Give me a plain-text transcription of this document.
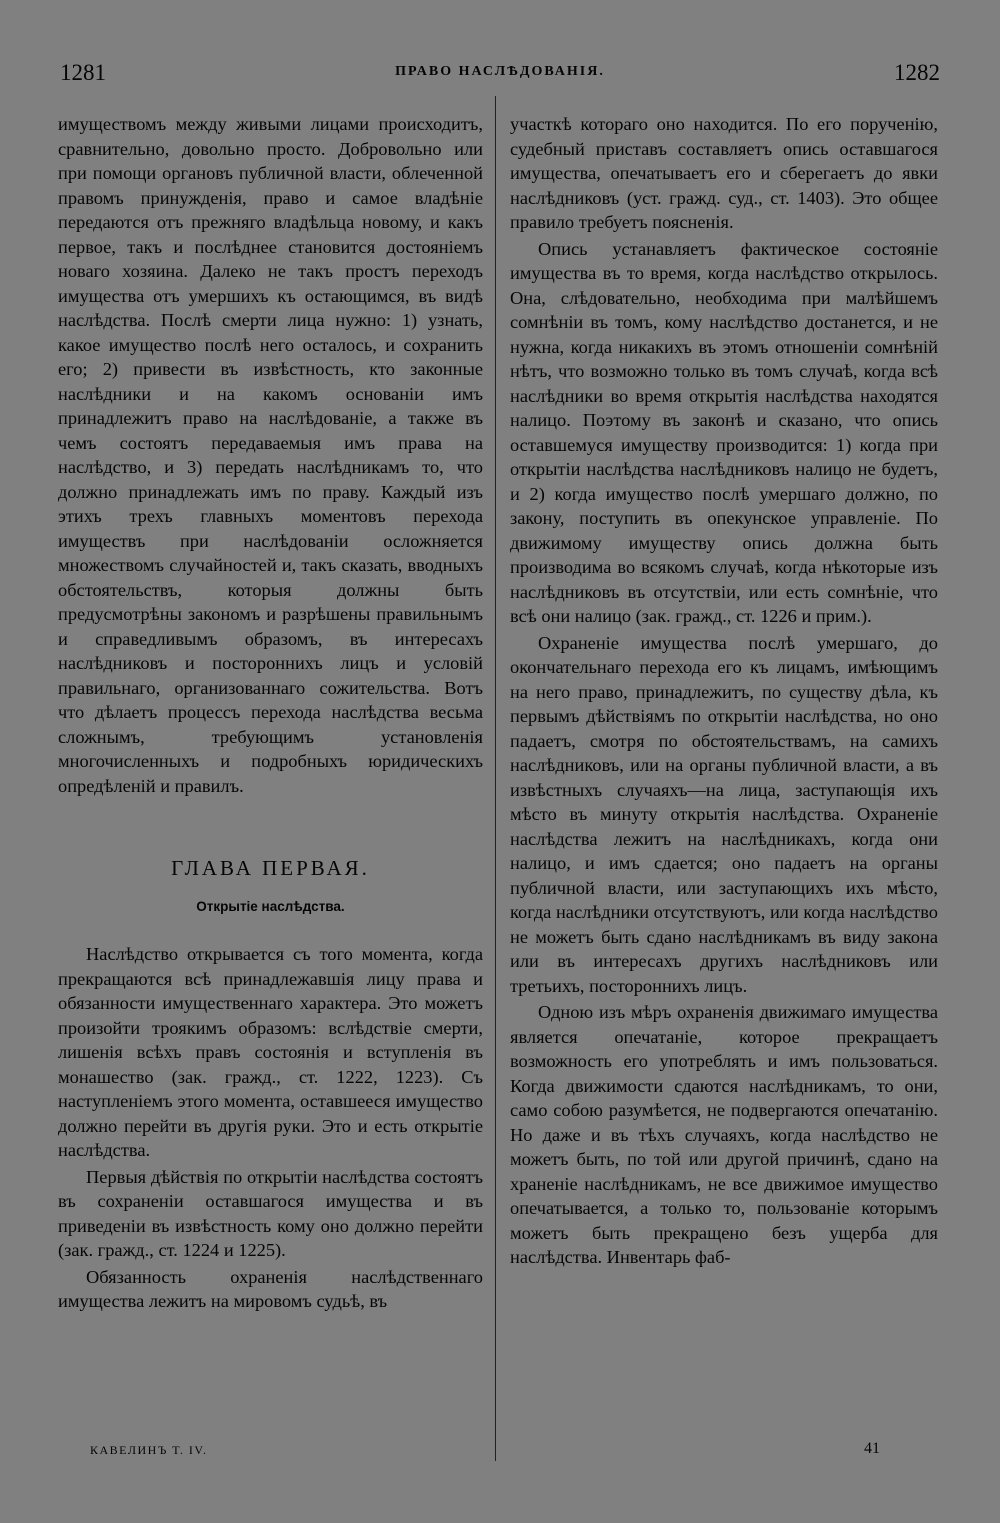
1281	ПРАВО НАСЛѢДОВАНІЯ.	1282

имуществомъ между живыми лицами происходитъ, сравнительно, довольно просто. Добровольно или при помощи органовъ публичной власти, облеченной правомъ принужденія, право и самое владѣніе передаются отъ прежняго владѣльца новому, и какъ первое, такъ и послѣднее становится достояніемъ новаго хозяина. Далеко не такъ простъ переходъ имущества отъ умершихъ къ остающимся, въ видѣ наслѣдства. Послѣ смерти лица нужно: 1) узнать, какое имущество послѣ него осталось, и сохранить его; 2) привести въ извѣстность, кто законные наслѣдники и на какомъ основаніи имъ принадлежитъ право на наслѣдованіе, а также въ чемъ состоятъ передаваемыя имъ права на наслѣдство, и 3) передать наслѣдникамъ то, что должно принадлежать имъ по праву. Каждый изъ этихъ трехъ главныхъ моментовъ перехода имуществъ при наслѣдованіи осложняется множествомъ случайностей и, такъ сказать, вводныхъ обстоятельствъ, которыя должны быть предусмотрѣны закономъ и разрѣшены правильнымъ и справедливымъ образомъ, въ интересахъ наслѣдниковъ и постороннихъ лицъ и условій правильнаго, организованнаго сожительства. Вотъ что дѣлаетъ процессъ перехода наслѣдства весьма сложнымъ, требующимъ установленія многочисленныхъ и подробныхъ юридическихъ опредѣленій и правилъ.

ГЛАВА ПЕРВАЯ.
Открытіе наслѣдства.

Наслѣдство открывается съ того момента, когда прекращаются всѣ принадлежавшія лицу права и обязанности имущественнаго характера. Это можетъ произойти троякимъ образомъ: вслѣдствіе смерти, лишенія всѣхъ правъ состоянія и вступленія въ монашество (зак. гражд., ст. 1222, 1223). Съ наступленіемъ этого момента, оставшееся имущество должно перейти въ другія руки. Это и есть открытіе наслѣдства.

Первыя дѣйствія по открытіи наслѣдства состоятъ въ сохраненіи оставшагося имущества и въ приведеніи въ извѣстность кому оно должно перейти (зак. гражд., ст. 1224 и 1225).

Обязанность охраненія наслѣдственнаго имущества лежитъ на мировомъ судьѣ, въ

участкѣ котораго оно находится. По его порученію, судебный приставъ составляетъ опись оставшагося имущества, опечатываетъ его и сберегаетъ до явки наслѣдниковъ (уст. гражд. суд., ст. 1403). Это общее правило требуетъ поясненія.

Опись устанавляетъ фактическое состояніе имущества въ то время, когда наслѣдство открылось. Она, слѣдовательно, необходима при малѣйшемъ сомнѣніи въ томъ, кому наслѣдство достанется, и не нужна, когда никакихъ въ этомъ отношеніи сомнѣній нѣтъ, что возможно только въ томъ случаѣ, когда всѣ наслѣдники во время открытія наслѣдства находятся налицо. Поэтому въ законѣ и сказано, что опись оставшемуся имуществу производится: 1) когда при открытіи наслѣдства наслѣдниковъ налицо не будетъ, и 2) когда имущество послѣ умершаго должно, по закону, поступить въ опекунское управленіе. По движимому имуществу опись должна быть производима во всякомъ случаѣ, когда нѣкоторые изъ наслѣдниковъ въ отсутствіи, или есть сомнѣніе, что всѣ они налицо (зак. гражд., ст. 1226 и прим.).

Охраненіе имущества послѣ умершаго, до окончательнаго перехода его къ лицамъ, имѣющимъ на него право, принадлежитъ, по существу дѣла, къ первымъ дѣйствіямъ по открытіи наслѣдства, но оно падаетъ, смотря по обстоятельствамъ, на самихъ наслѣдниковъ, или на органы публичной власти, а въ извѣстныхъ случаяхъ—на лица, заступающія ихъ мѣсто въ минуту открытія наслѣдства. Охраненіе наслѣдства лежитъ на наслѣдникахъ, когда они налицо, и имъ сдается; оно падаетъ на органы публичной власти, или заступающихъ ихъ мѣсто, когда наслѣдники отсутствуютъ, или когда наслѣдство не можетъ быть сдано наслѣдникамъ въ виду закона или въ интересахъ другихъ наслѣдниковъ или третьихъ, постороннихъ лицъ.

Одною изъ мѣръ охраненія движимаго имущества является опечатаніе, которое прекращаетъ возможность его употреблять и имъ пользоваться. Когда движимости сдаются наслѣдникамъ, то они, само собою разумѣется, не подвергаются опечатанію. Но даже и въ тѣхъ случаяхъ, когда наслѣдство не можетъ быть, по той или другой причинѣ, сдано на храненіе наслѣдникамъ, не все движимое имущество опечатывается, а только то, пользованіе которымъ можетъ быть прекращено безъ ущерба для наслѣдства. Инвентарь фаб-

КАВЕЛИНЪ Т. IV.	41
